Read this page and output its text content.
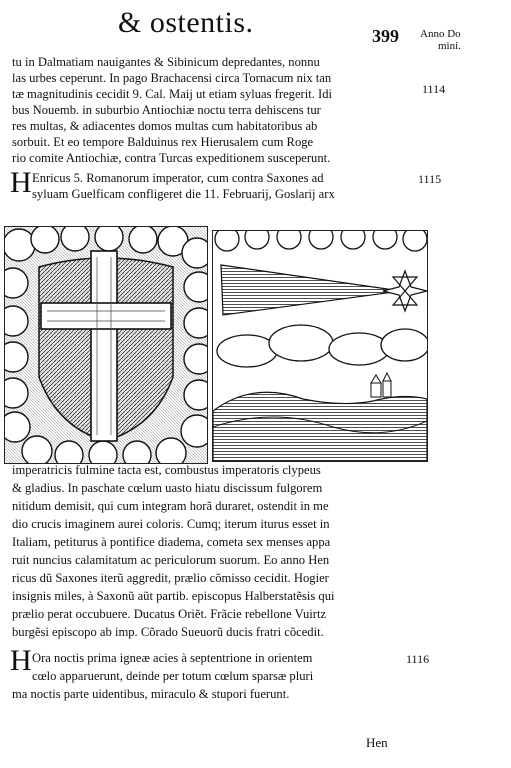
& ostentis.	399 Anno Do
mini.
tu in Dalmatiam nauigantes & Sibinicum depredantes, nonnu
las urbes ceperunt. In pago Brachacensi circa Tornacum nix tan
tæ magnitudinis cecidit 9. Cal. Maij ut etiam syluas fregerit. Idi
bus Nouemb. in suburbio Antiochiæ noctu terra dehiscens tur
res multas, & adiacentes domos multas cum habitatoribus ab
sorbuit. Et eo tempore Balduinus rex Hierusalem cum Roge
rio comite Antiochiæ, contra Turcas expeditionem susceperunt.
1114
H Enricus 5. Romanorum imperator, cum contra Saxones ad
syluam Guelficam confligeret die 11. Februarij, Goslarij arx
1115
imperatricis fulmine tacta est, combustus imperatoris clypeus
& gladius. In paschate cœlum uasto hiatu discissum fulgorem
nitidum demisit, qui cum integram horã duraret, ostendit in me
dio crucis imaginem aurei coloris. Cumq; iterum iturus esset in
Italiam, petiturus à pontifice diadema, cometa sex menses appa
ruit nuncius calamitatum ac periculorum suorum. Eo anno Hen
ricus dũ Saxones iterũ aggredit, prælio cõmisso cecidit. Hogier
insignis miles, à Saxonũ aũt partib. episcopus Halberstatẽsis qui
prælio perat occubuere. Ducatus Oriẽt. Frãcie rebellone Vuirtz
burgẽsi episcopo ab imp. Cõrado Sueuorũ ducis fratri cõcedit.
H Ora noctis prima igneæ acies à septentrione in orientem
cœlo apparuerunt, deinde per totum cœlum sparsæ pluri
ma noctis parte uidentibus, miraculo & stupori fuerunt.
1116
Hen
